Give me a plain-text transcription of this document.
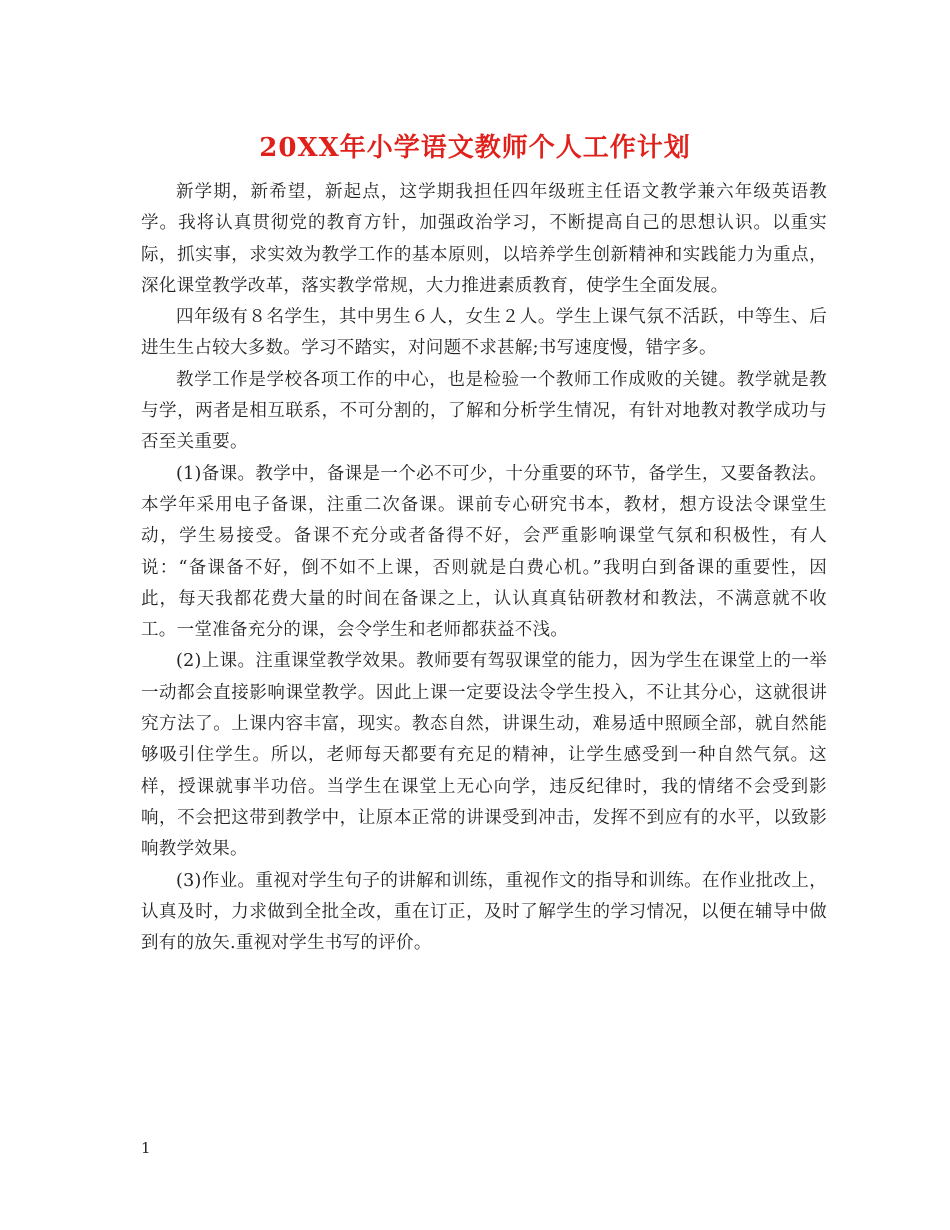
20XX年小学语文教师个人工作计划

新学期，新希望，新起点，这学期我担任四年级班主任语文教学兼六年级英语教学。我将认真贯彻党的教育方针，加强政治学习，不断提高自己的思想认识。以重实际，抓实事，求实效为教学工作的基本原则，以培养学生创新精神和实践能力为重点，深化课堂教学改革，落实教学常规，大力推进素质教育，使学生全面发展。

四年级有８名学生，其中男生６人，女生２人。学生上课气氛不活跃，中等生、后进生生占较大多数。学习不踏实，对问题不求甚解;书写速度慢，错字多。

教学工作是学校各项工作的中心，也是检验一个教师工作成败的关键。教学就是教与学，两者是相互联系，不可分割的，了解和分析学生情况，有针对地教对教学成功与否至关重要。

(1)备课。教学中，备课是一个必不可少，十分重要的环节，备学生，又要备教法。本学年采用电子备课，注重二次备课。课前专心研究书本，教材，想方设法令课堂生动，学生易接受。备课不充分或者备得不好，会严重影响课堂气氛和积极性，有人说：“备课备不好，倒不如不上课，否则就是白费心机。”我明白到备课的重要性，因此，每天我都花费大量的时间在备课之上，认认真真钻研教材和教法，不满意就不收工。一堂准备充分的课，会令学生和老师都获益不浅。

(2)上课。注重课堂教学效果。教师要有驾驭课堂的能力，因为学生在课堂上的一举一动都会直接影响课堂教学。因此上课一定要设法令学生投入，不让其分心，这就很讲究方法了。上课内容丰富，现实。教态自然，讲课生动，难易适中照顾全部，就自然能够吸引住学生。所以，老师每天都要有充足的精神，让学生感受到一种自然气氛。这样，授课就事半功倍。当学生在课堂上无心向学，违反纪律时，我的情绪不会受到影响，不会把这带到教学中，让原本正常的讲课受到冲击，发挥不到应有的水平，以致影响教学效果。

(3)作业。重视对学生句子的讲解和训练，重视作文的指导和训练。在作业批改上，认真及时，力求做到全批全改，重在订正，及时了解学生的学习情况，以便在辅导中做到有的放矢.重视对学生书写的评价。

1
